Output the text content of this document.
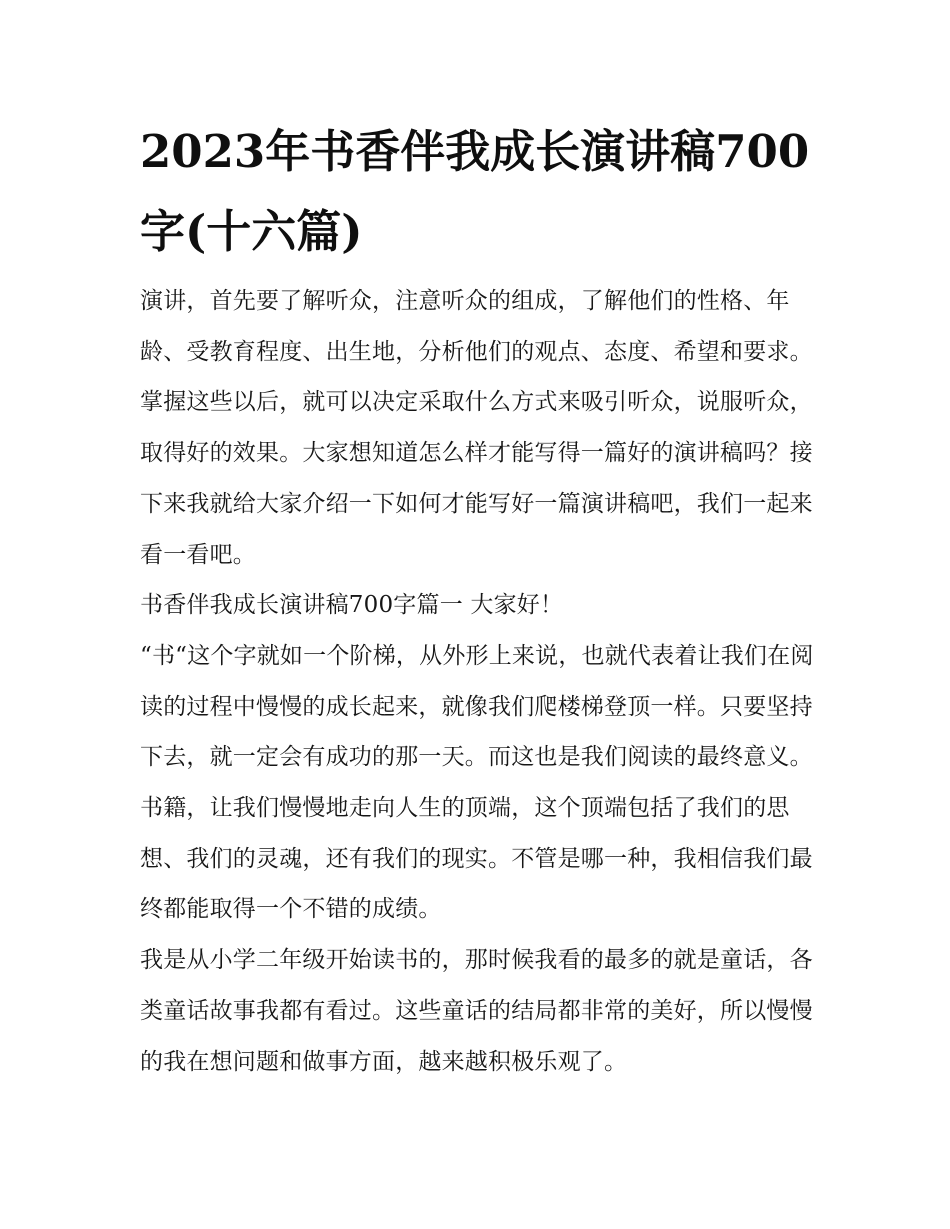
2023年书香伴我成长演讲稿700字(十六篇)

演讲，首先要了解听众，注意听众的组成，了解他们的性格、年龄、受教育程度、出生地，分析他们的观点、态度、希望和要求。掌握这些以后，就可以决定采取什么方式来吸引听众，说服听众，取得好的效果。大家想知道怎么样才能写得一篇好的演讲稿吗？接下来我就给大家介绍一下如何才能写好一篇演讲稿吧，我们一起来看一看吧。

书香伴我成长演讲稿700字篇一 大家好！

“书“这个字就如一个阶梯，从外形上来说，也就代表着让我们在阅读的过程中慢慢的成长起来，就像我们爬楼梯登顶一样。只要坚持下去，就一定会有成功的那一天。而这也是我们阅读的最终意义。书籍，让我们慢慢地走向人生的顶端，这个顶端包括了我们的思想、我们的灵魂，还有我们的现实。不管是哪一种，我相信我们最终都能取得一个不错的成绩。

我是从小学二年级开始读书的，那时候我看的最多的就是童话，各类童话故事我都有看过。这些童话的结局都非常的美好，所以慢慢的我在想问题和做事方面，越来越积极乐观了。
